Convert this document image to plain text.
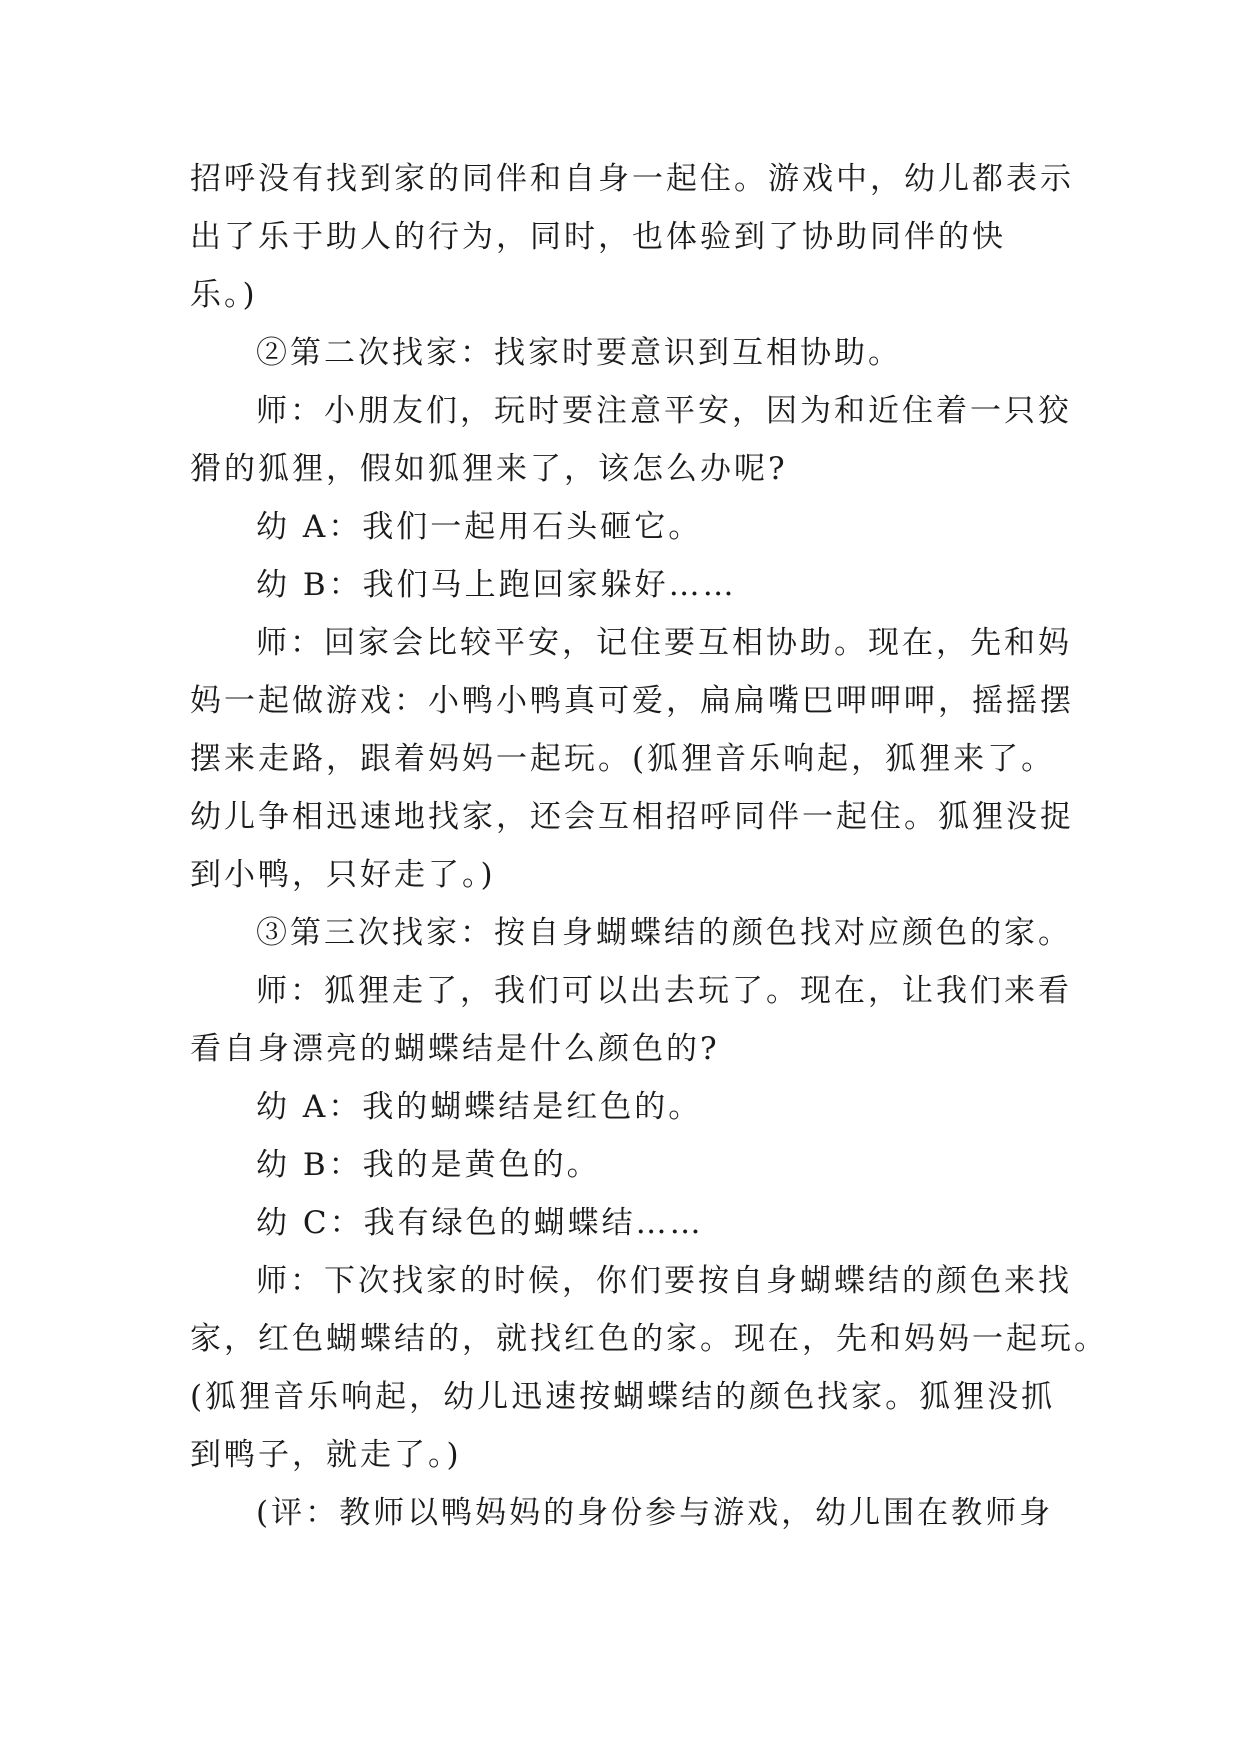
招呼没有找到家的同伴和自身一起住。游戏中，幼儿都表示
出了乐于助人的行为，同时，也体验到了协助同伴的快
乐。)
②第二次找家：找家时要意识到互相协助。
师：小朋友们，玩时要注意平安，因为和近住着一只狡
猾的狐狸，假如狐狸来了，该怎么办呢?
幼 A：我们一起用石头砸它。
幼 B：我们马上跑回家躲好……
师：回家会比较平安，记住要互相协助。现在，先和妈
妈一起做游戏：小鸭小鸭真可爱，扁扁嘴巴呷呷呷，摇摇摆
摆来走路，跟着妈妈一起玩。(狐狸音乐响起，狐狸来了。
幼儿争相迅速地找家，还会互相招呼同伴一起住。狐狸没捉
到小鸭，只好走了。)
③第三次找家：按自身蝴蝶结的颜色找对应颜色的家。
师：狐狸走了，我们可以出去玩了。现在，让我们来看
看自身漂亮的蝴蝶结是什么颜色的?
幼 A：我的蝴蝶结是红色的。
幼 B：我的是黄色的。
幼 C：我有绿色的蝴蝶结……
师：下次找家的时候，你们要按自身蝴蝶结的颜色来找
家，红色蝴蝶结的，就找红色的家。现在，先和妈妈一起玩。
(狐狸音乐响起，幼儿迅速按蝴蝶结的颜色找家。狐狸没抓
到鸭子，就走了。)
(评：教师以鸭妈妈的身份参与游戏，幼儿围在教师身
